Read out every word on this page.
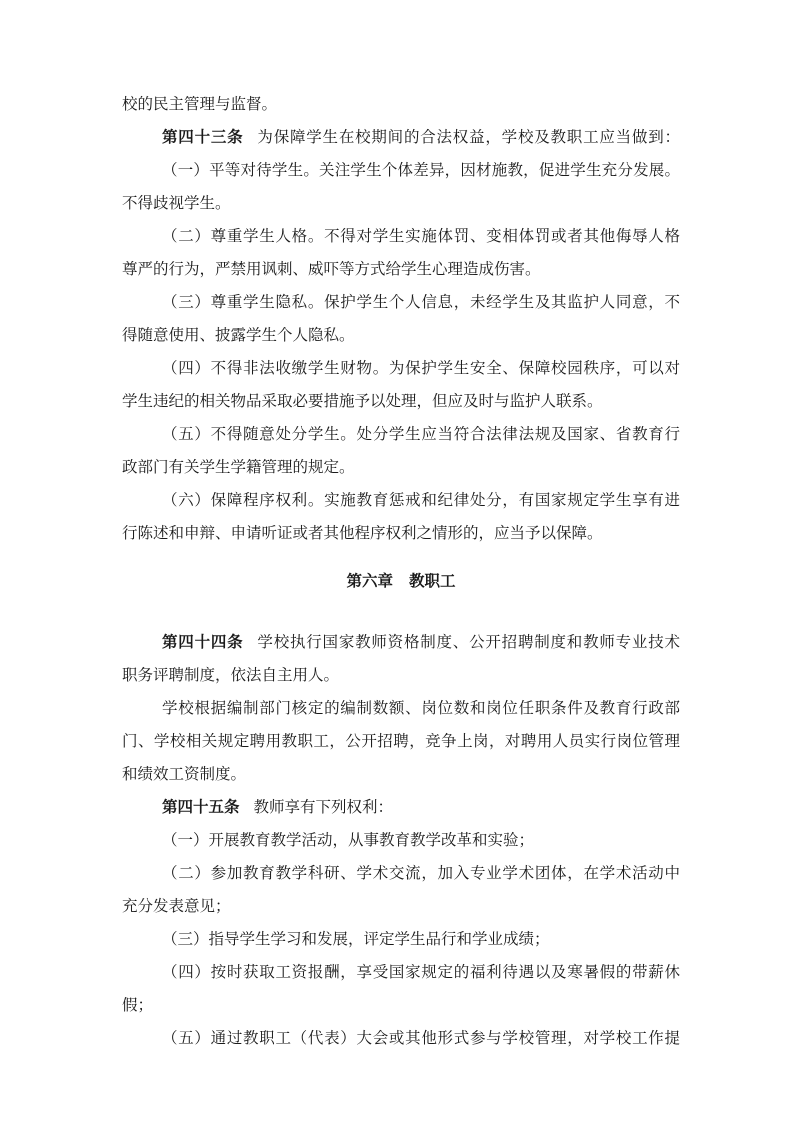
校的民主管理与监督。
第四十三条 为保障学生在校期间的合法权益，学校及教职工应当做到：
（一）平等对待学生。关注学生个体差异，因材施教，促进学生充分发展。
不得歧视学生。
（二）尊重学生人格。不得对学生实施体罚、变相体罚或者其他侮辱人格
尊严的行为，严禁用讽刺、威吓等方式给学生心理造成伤害。
（三）尊重学生隐私。保护学生个人信息，未经学生及其监护人同意，不
得随意使用、披露学生个人隐私。
（四）不得非法收缴学生财物。为保护学生安全、保障校园秩序，可以对
学生违纪的相关物品采取必要措施予以处理，但应及时与监护人联系。
（五）不得随意处分学生。处分学生应当符合法律法规及国家、省教育行
政部门有关学生学籍管理的规定。
（六）保障程序权利。实施教育惩戒和纪律处分，有国家规定学生享有进
行陈述和申辩、申请听证或者其他程序权利之情形的，应当予以保障。
第六章 教职工
第四十四条 学校执行国家教师资格制度、公开招聘制度和教师专业技术
职务评聘制度，依法自主用人。
学校根据编制部门核定的编制数额、岗位数和岗位任职条件及教育行政部
门、学校相关规定聘用教职工，公开招聘，竞争上岗，对聘用人员实行岗位管理
和绩效工资制度。
第四十五条 教师享有下列权利：
（一）开展教育教学活动，从事教育教学改革和实验；
（二）参加教育教学科研、学术交流，加入专业学术团体，在学术活动中
充分发表意见；
（三）指导学生学习和发展，评定学生品行和学业成绩；
（四）按时获取工资报酬，享受国家规定的福利待遇以及寒暑假的带薪休
假；
（五）通过教职工（代表）大会或其他形式参与学校管理，对学校工作提
